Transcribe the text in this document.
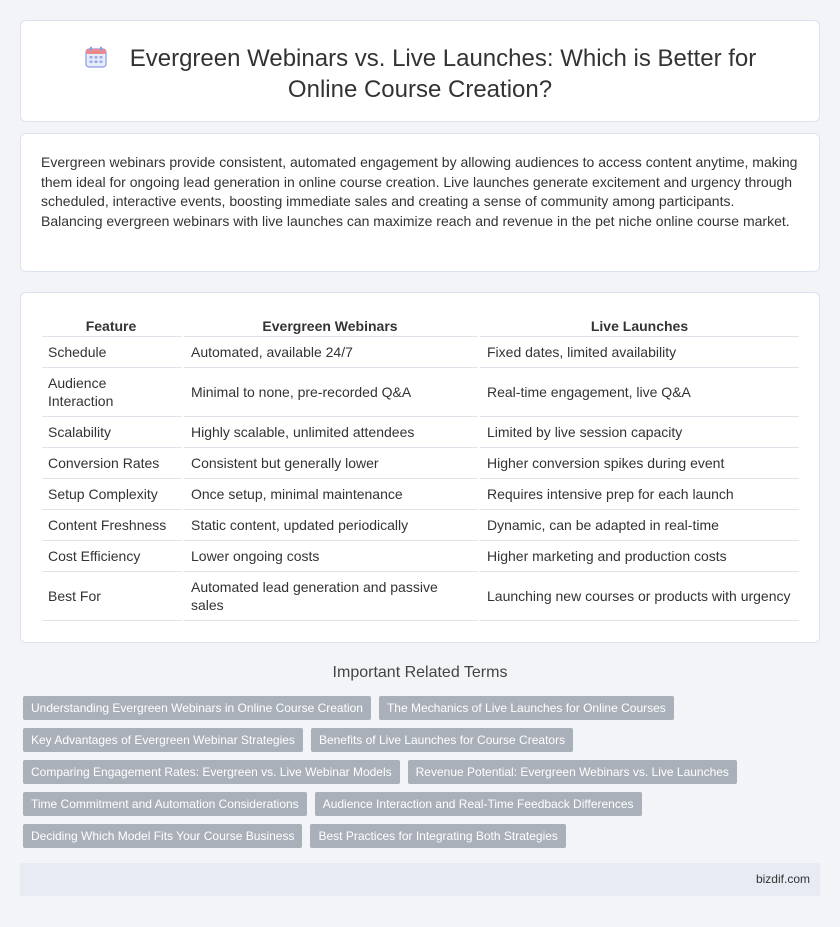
Evergreen Webinars vs. Live Launches: Which is Better for Online Course Creation?

Evergreen webinars provide consistent, automated engagement by allowing audiences to access content anytime, making them ideal for ongoing lead generation in online course creation. Live launches generate excitement and urgency through scheduled, interactive events, boosting immediate sales and creating a sense of community among participants. Balancing evergreen webinars with live launches can maximize reach and revenue in the pet niche online course market.

Feature	Evergreen Webinars	Live Launches
Schedule	Automated, available 24/7	Fixed dates, limited availability
Audience Interaction	Minimal to none, pre-recorded Q&A	Real-time engagement, live Q&A
Scalability	Highly scalable, unlimited attendees	Limited by live session capacity
Conversion Rates	Consistent but generally lower	Higher conversion spikes during event
Setup Complexity	Once setup, minimal maintenance	Requires intensive prep for each launch
Content Freshness	Static content, updated periodically	Dynamic, can be adapted in real-time
Cost Efficiency	Lower ongoing costs	Higher marketing and production costs
Best For	Automated lead generation and passive sales	Launching new courses or products with urgency
Important Related Terms
Understanding Evergreen Webinars in Online Course Creation	The Mechanics of Live Launches for Online Courses
Key Advantages of Evergreen Webinar Strategies	Benefits of Live Launches for Course Creators
Comparing Engagement Rates: Evergreen vs. Live Webinar Models	Revenue Potential: Evergreen Webinars vs. Live Launches
Time Commitment and Automation Considerations	Audience Interaction and Real-Time Feedback Differences
Deciding Which Model Fits Your Course Business	Best Practices for Integrating Both Strategies
bizdif.com
